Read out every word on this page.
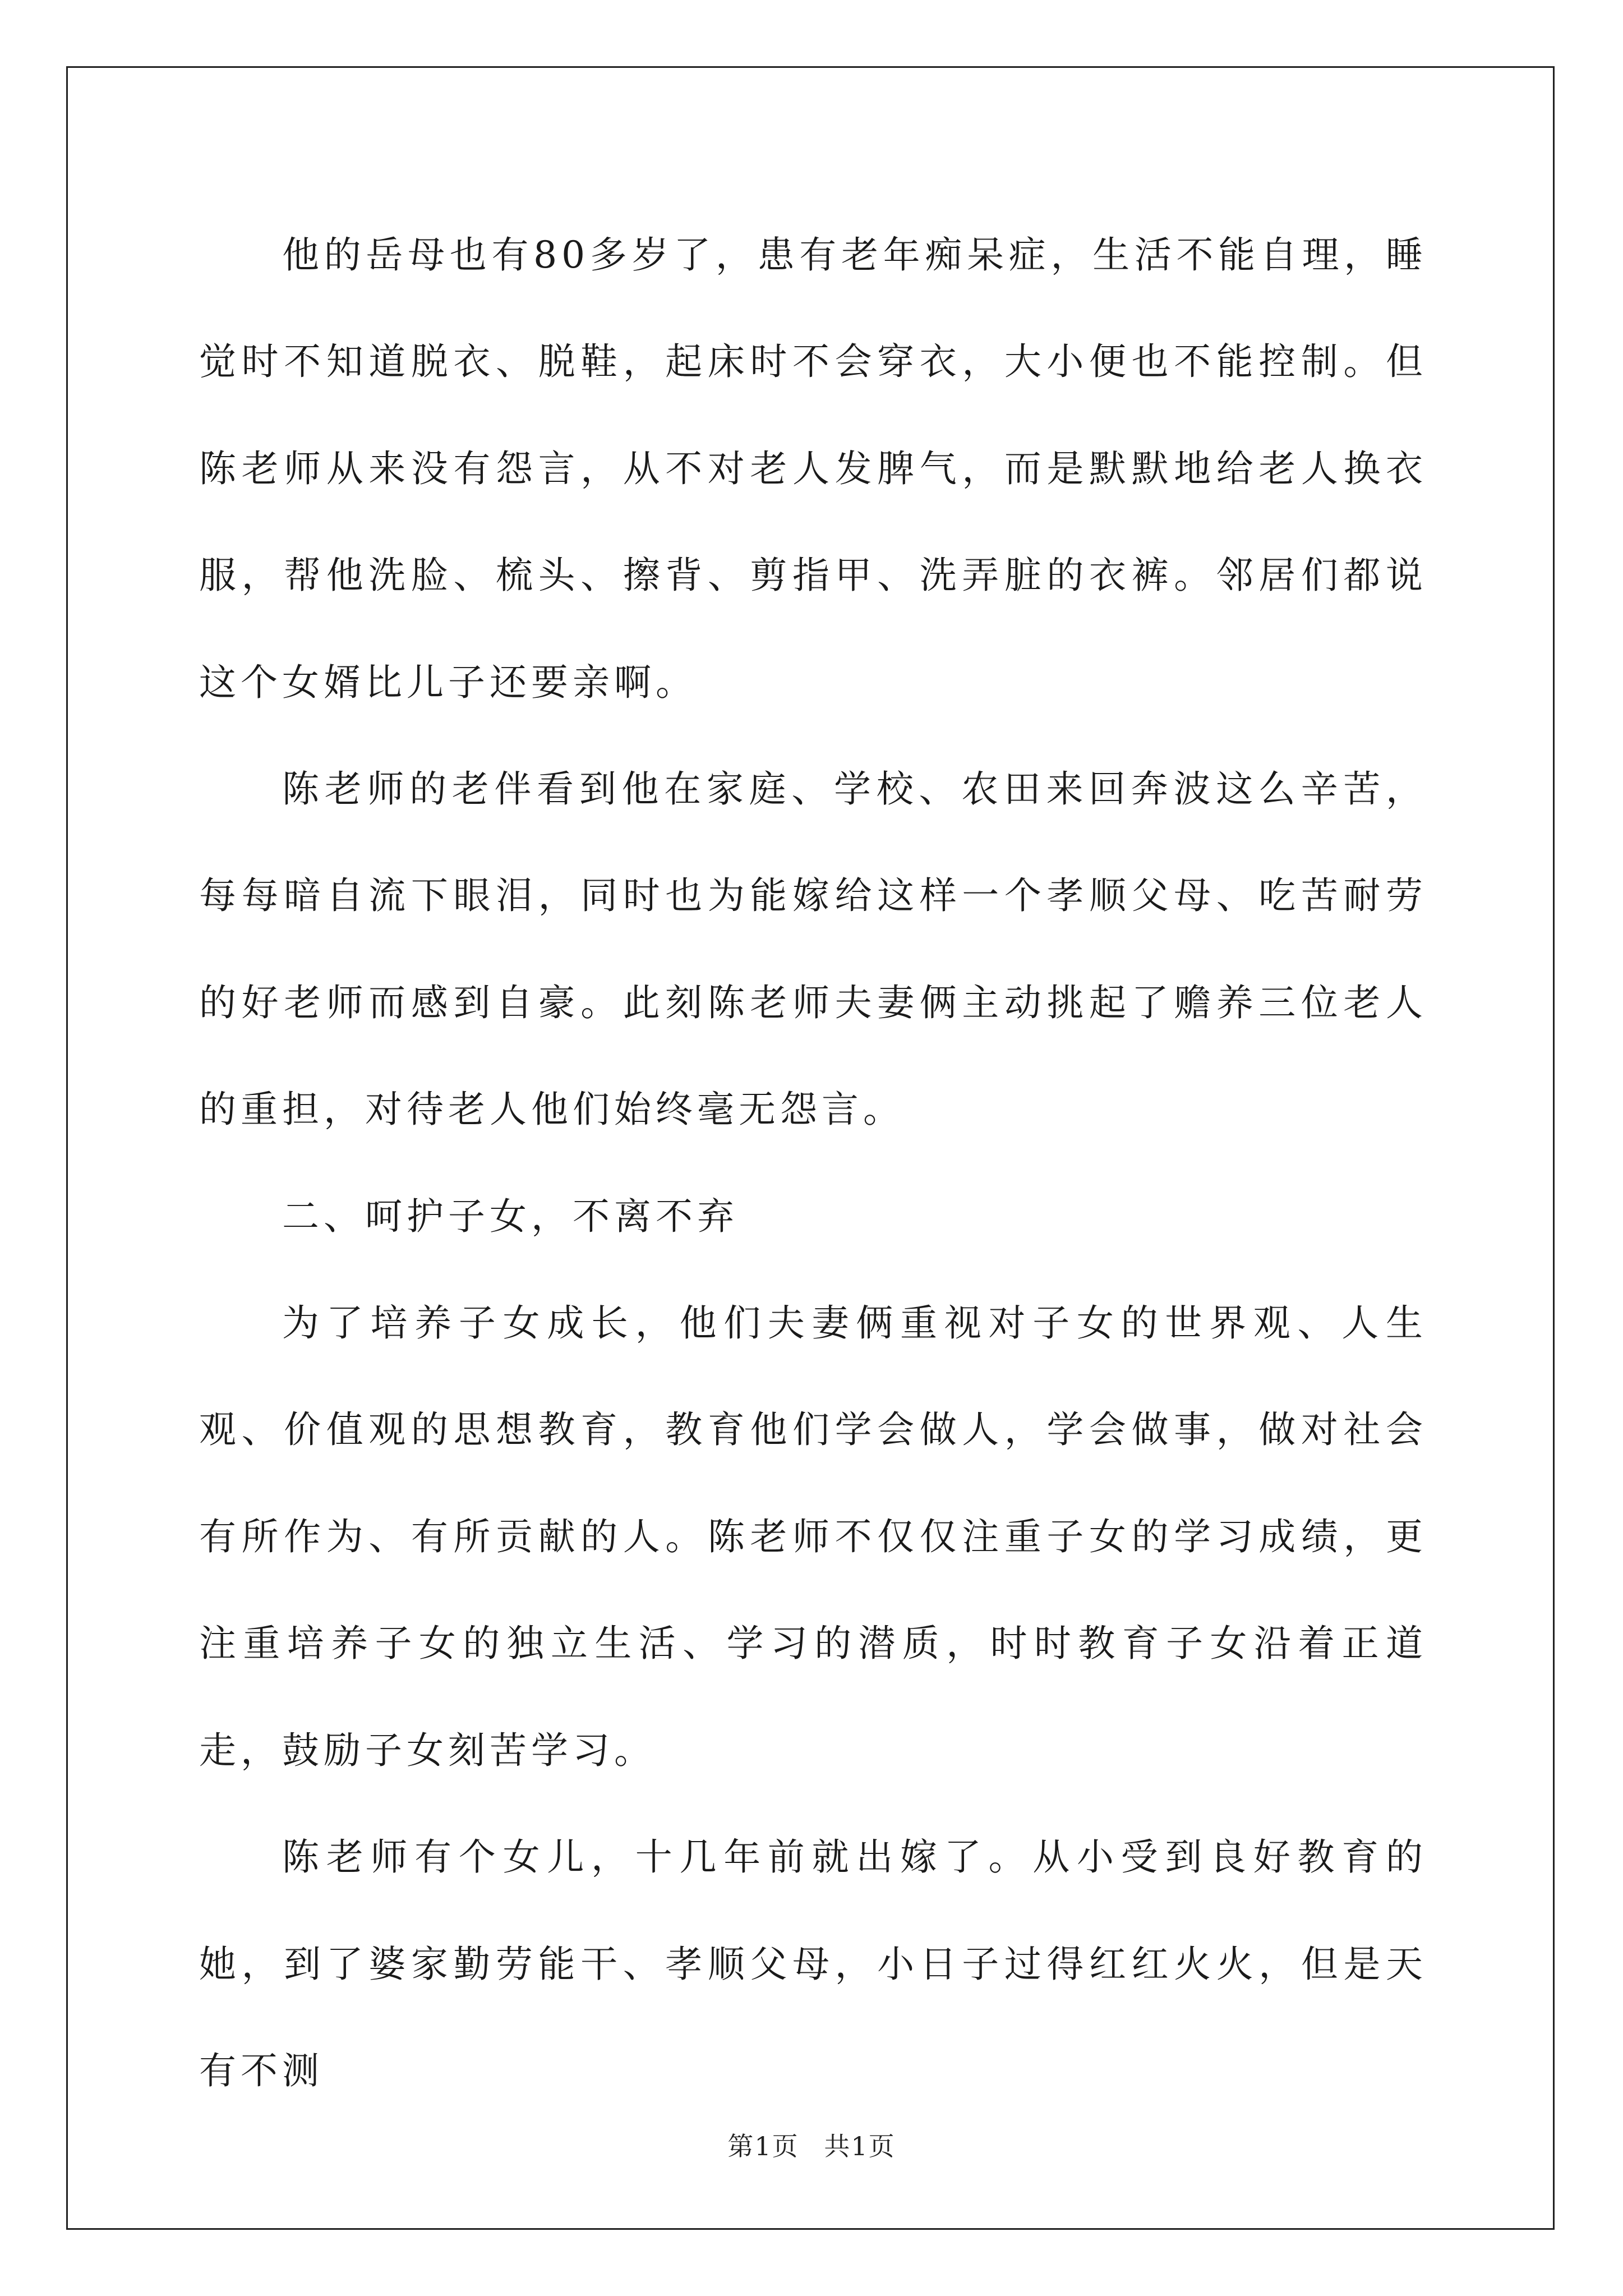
他的岳母也有80多岁了，患有老年痴呆症，生活不能自理，睡觉时不知道脱衣、脱鞋，起床时不会穿衣，大小便也不能控制。但陈老师从来没有怨言，从不对老人发脾气，而是默默地给老人换衣服，帮他洗脸、梳头、擦背、剪指甲、洗弄脏的衣裤。邻居们都说这个女婿比儿子还要亲啊。

陈老师的老伴看到他在家庭、学校、农田来回奔波这么辛苦，每每暗自流下眼泪，同时也为能嫁给这样一个孝顺父母、吃苦耐劳的好老师而感到自豪。此刻陈老师夫妻俩主动挑起了赡养三位老人的重担，对待老人他们始终毫无怨言。

二、呵护子女，不离不弃

为了培养子女成长，他们夫妻俩重视对子女的世界观、人生观、价值观的思想教育，教育他们学会做人，学会做事，做对社会有所作为、有所贡献的人。陈老师不仅仅注重子女的学习成绩，更注重培养子女的独立生活、学习的潜质，时时教育子女沿着正道走，鼓励子女刻苦学习。

陈老师有个女儿，十几年前就出嫁了。从小受到良好教育的她，到了婆家勤劳能干、孝顺父母，小日子过得红红火火，但是天有不测

第1页 共1页
